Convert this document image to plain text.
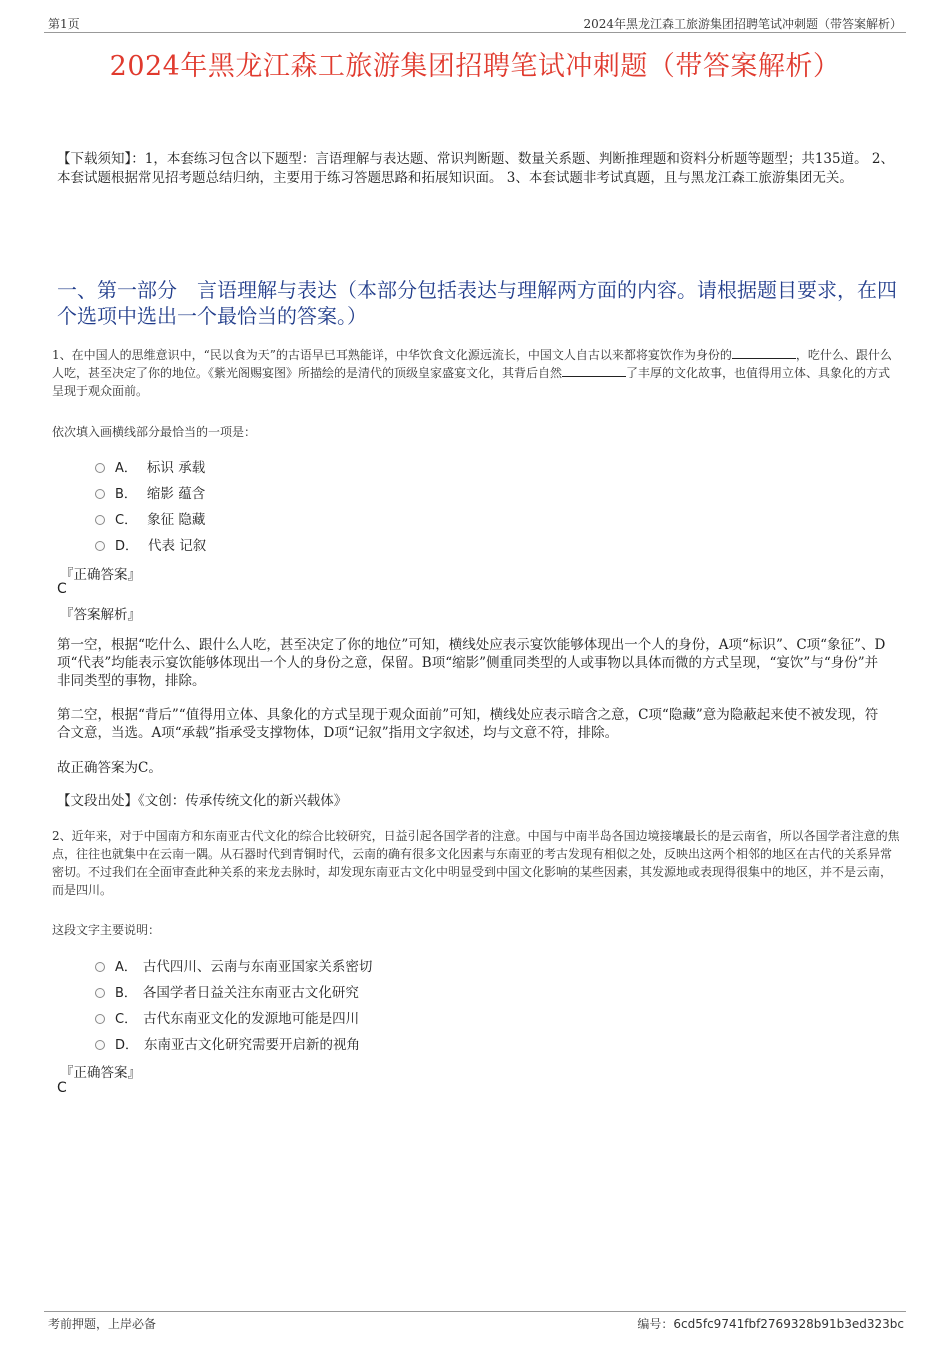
第1页	2024年黑龙江森工旅游集团招聘笔试冲刺题（带答案解析）
2024年黑龙江森工旅游集团招聘笔试冲刺题（带答案解析）
【下载须知】：1，本套练习包含以下题型：言语理解与表达题、常识判断题、数量关系题、判断推理题和资料分析题等题型；共135道。 2、本套试题根据常见招考题总结归纳，主要用于练习答题思路和拓展知识面。 3、本套试题非考试真题，且与黑龙江森工旅游集团无关。
一、第一部分　言语理解与表达（本部分包括表达与理解两方面的内容。请根据题目要求，在四个选项中选出一个最恰当的答案。）
1、在中国人的思维意识中，“民以食为天”的古语早已耳熟能详，中华饮食文化源远流长，中国文人自古以来都将宴饮作为身份的	，吃什么、跟什么人吃，甚至决定了你的地位。《紫光阁赐宴图》所描绘的是清代的顶级皇家盛宴文化，其背后自然	了丰厚的文化故事，也值得用立体、具象化的方式呈现于观众面前。
依次填入画横线部分最恰当的一项是：
A． 标识 承载
B． 缩影 蕴含
C． 象征 隐藏
D． 代表 记叙
『正确答案』
C
『答案解析』
第一空，根据“吃什么、跟什么人吃，甚至决定了你的地位”可知，横线处应表示宴饮能够体现出一个人的身份，A项“标识”、C项“象征”、D项“代表”均能表示宴饮能够体现出一个人的身份之意，保留。B项“缩影”侧重同类型的人或事物以具体而微的方式呈现，“宴饮”与“身份”并非同类型的事物，排除。
第二空，根据“背后”“值得用立体、具象化的方式呈现于观众面前”可知，横线处应表示暗含之意，C项“隐藏”意为隐蔽起来使不被发现，符合文意，当选。A项“承载”指承受支撑物体，D项“记叙”指用文字叙述，均与文意不符，排除。
故正确答案为C。
【文段出处】《文创：传承传统文化的新兴载体》
2、近年来，对于中国南方和东南亚古代文化的综合比较研究，日益引起各国学者的注意。中国与中南半岛各国边境接壤最长的是云南省，所以各国学者注意的焦点，往往也就集中在云南一隅。从石器时代到青铜时代，云南的确有很多文化因素与东南亚的考古发现有相似之处，反映出这两个相邻的地区在古代的关系异常密切。不过我们在全面审查此种关系的来龙去脉时，却发现东南亚古文化中明显受到中国文化影响的某些因素，其发源地或表现得很集中的地区，并不是云南，而是四川。
这段文字主要说明：
A． 古代四川、云南与东南亚国家关系密切
B． 各国学者日益关注东南亚古文化研究
C． 古代东南亚文化的发源地可能是四川
D． 东南亚古文化研究需要开启新的视角
『正确答案』
C
考前押题，上岸必备	编号：6cd5fc9741fbf2769328b91b3ed323bc
